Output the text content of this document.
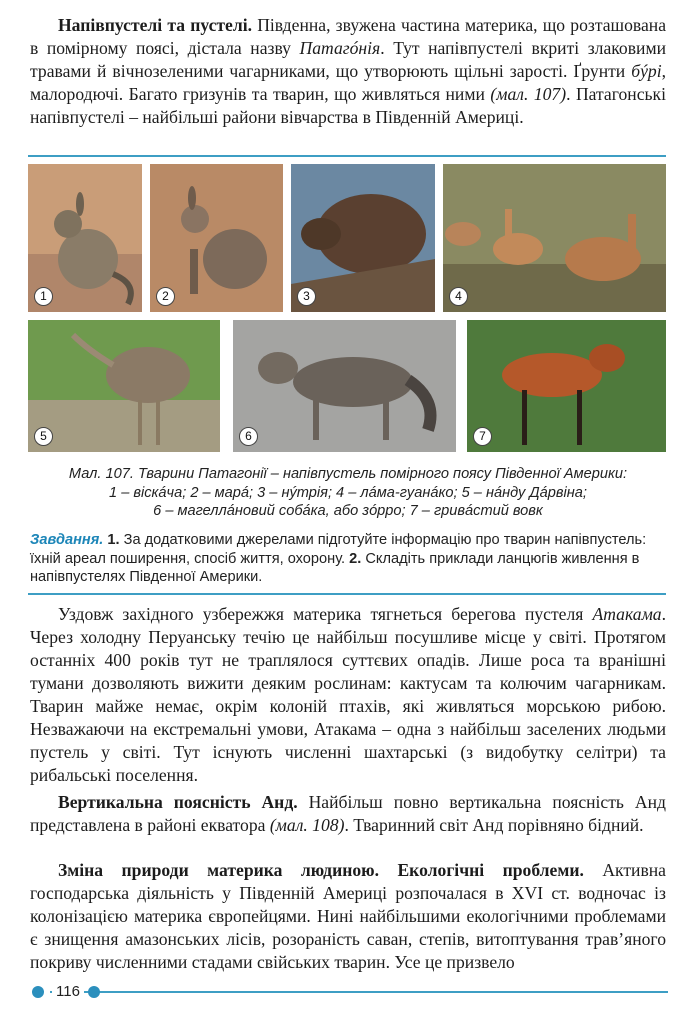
Напівпустелі та пустелі. Південна, звужена частина материка, що розташована в помірному поясі, дістала назву Патагóнія. Тут напівпустелі вкриті злаковими травами й вічнозеленими чагарниками, що утворюють щільні зарості. Ґрунти бýрі, малородючі. Багато гризунів та тварин, що живляться ними (мал. 107). Патагонські напівпустелі – найбільші райони вівчарства в Південній Америці.

1	2	3	4
5	6	7

Мал. 107. Тварини Патагонії – напівпустель помірного поясу Південної Америки:
1 – віскáча; 2 – марá; 3 – нýтрія; 4 – лáма-гуанáко; 5 – нáнду Дáрвіна;
6 – магеллáновий собáка, або зóрро; 7 – гривáстий вовк

Завдання. 1. За додатковими джерелами підготуйте інформацію про тварин напівпустель: їхній ареал поширення, спосіб життя, охорону. 2. Складіть приклади ланцюгів живлення в напівпустелях Південної Америки.

Уздовж західного узбережжя материка тягнеться берегова пустеля Атакама. Через холодну Перуанську течію це найбільш посушливе місце у світі. Протягом останніх 400 років тут не траплялося суттєвих опадів. Лише роса та вранішні тумани дозволяють вижити деяким рослинам: кактусам та колючим чагарникам. Тварин майже немає, окрім колоній птахів, які живляться морською рибою. Незважаючи на екстремальні умови, Атакама – одна з найбільш заселених людьми пустель у світі. Тут існують численні шахтарські (з видобутку селітри) та рибальські поселення.

Вертикальна поясність Анд. Найбільш повно вертикальна поясність Анд представлена в районі екватора (мал. 108). Тваринний світ Анд порівняно бідний.

Зміна природи материка людиною. Екологічні проблеми. Активна господарська діяльність у Південній Америці розпочалася в XVI ст. водночас із колонізацією материка європейцями. Нині найбільшими екологічними проблемами є знищення амазонських лісів, розораність саван, степів, витоптування трав’яного покриву численними стадами свійських тварин. Усе це призвело

116
